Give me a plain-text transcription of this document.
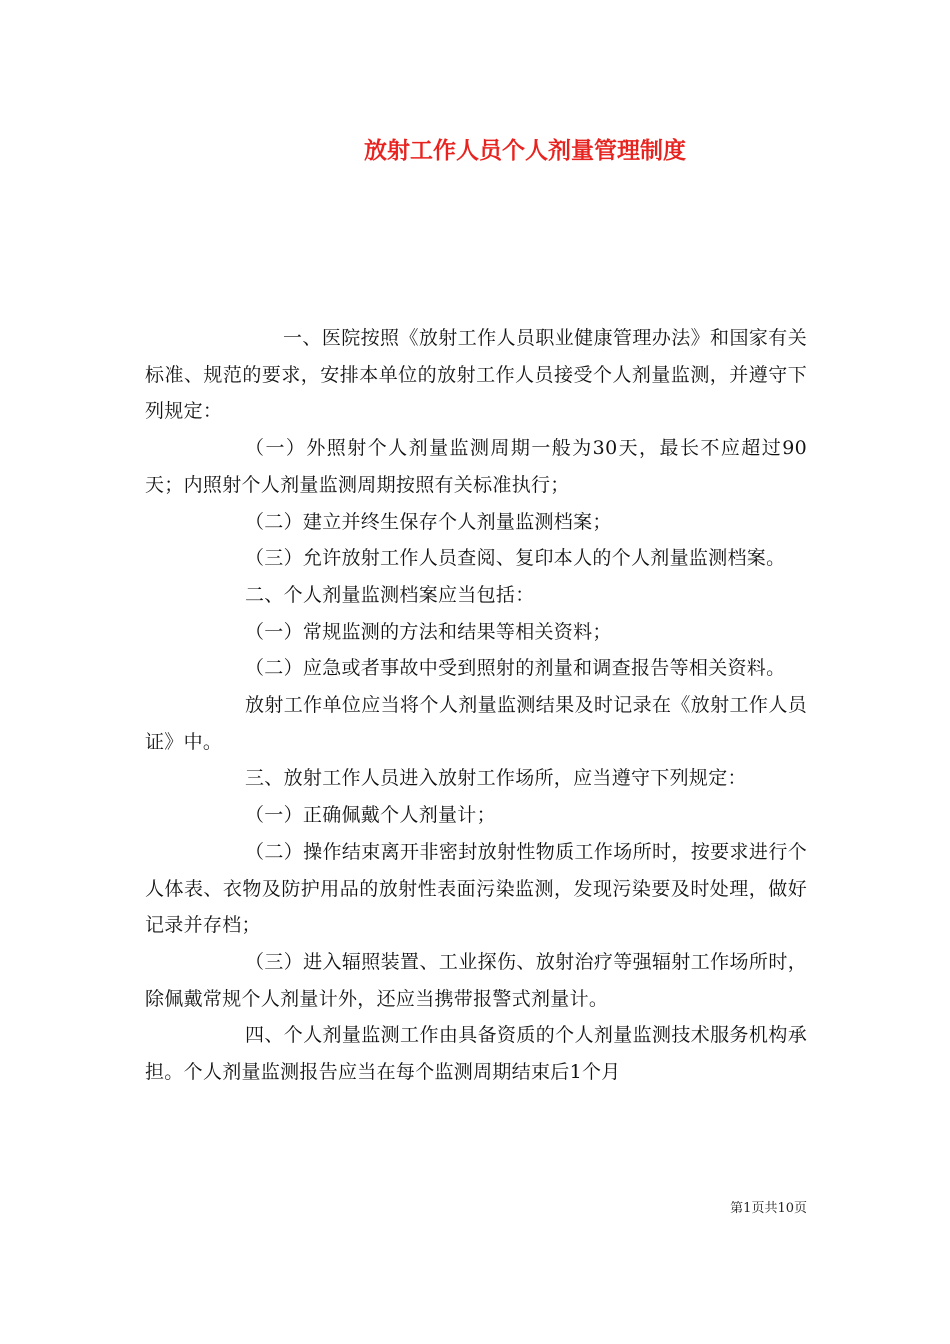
放射工作人员个人剂量管理制度

一、医院按照《放射工作人员职业健康管理办法》和国家有关标准、规范的要求，安排本单位的放射工作人员接受个人剂量监测，并遵守下列规定：

（一）外照射个人剂量监测周期一般为30天，最长不应超过90天；内照射个人剂量监测周期按照有关标准执行；

（二）建立并终生保存个人剂量监测档案；

（三）允许放射工作人员查阅、复印本人的个人剂量监测档案。

二、个人剂量监测档案应当包括：

（一）常规监测的方法和结果等相关资料；

（二）应急或者事故中受到照射的剂量和调查报告等相关资料。

放射工作单位应当将个人剂量监测结果及时记录在《放射工作人员证》中。

三、放射工作人员进入放射工作场所，应当遵守下列规定：

（一）正确佩戴个人剂量计；

（二）操作结束离开非密封放射性物质工作场所时，按要求进行个人体表、衣物及防护用品的放射性表面污染监测，发现污染要及时处理，做好记录并存档；

（三）进入辐照装置、工业探伤、放射治疗等强辐射工作场所时，除佩戴常规个人剂量计外，还应当携带报警式剂量计。

四、个人剂量监测工作由具备资质的个人剂量监测技术服务机构承担。个人剂量监测报告应当在每个监测周期结束后1个月

第1页共10页
